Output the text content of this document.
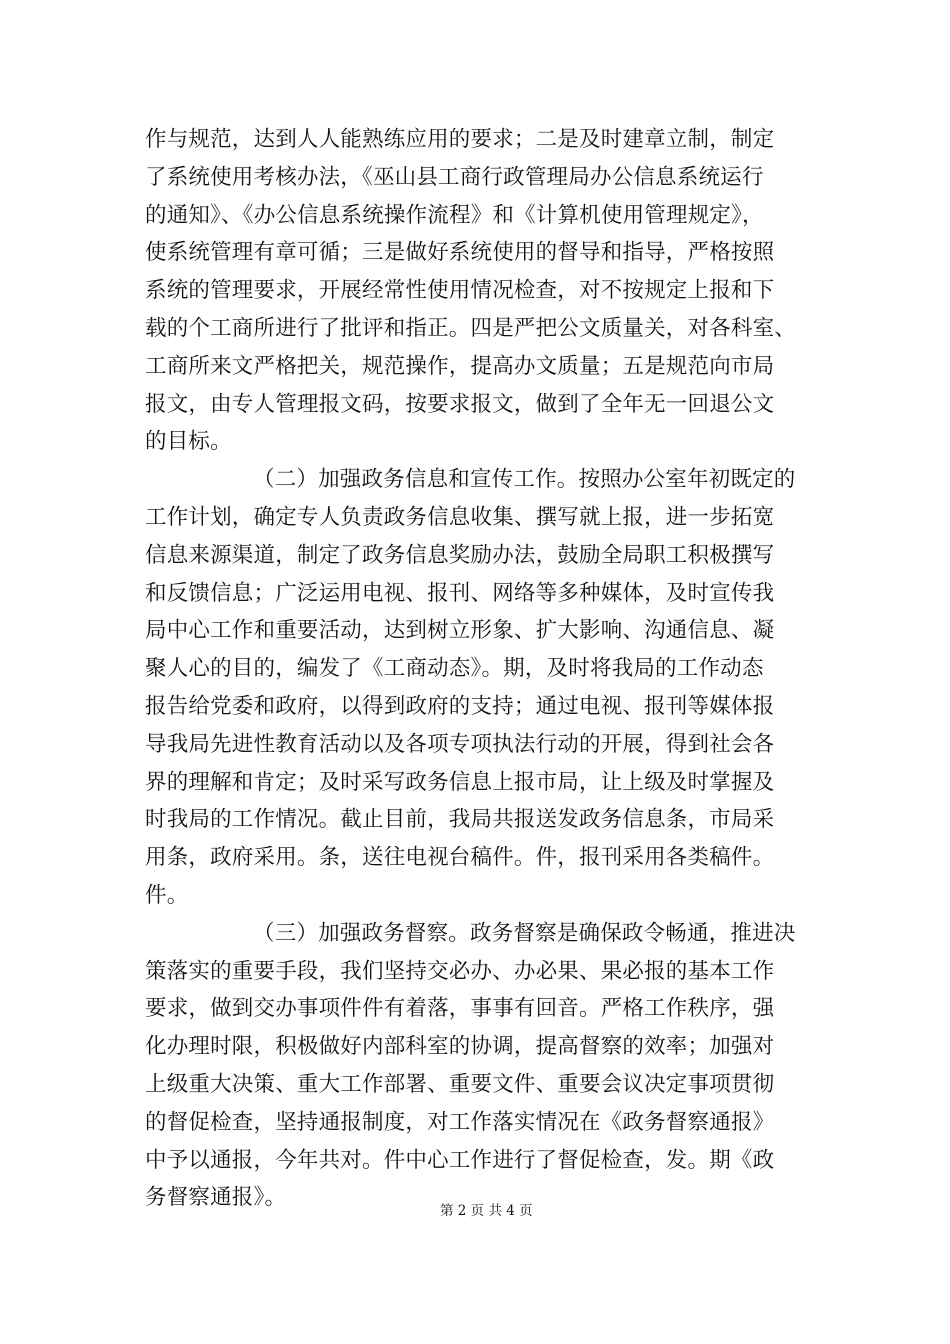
作与规范，达到人人能熟练应用的要求；二是及时建章立制，制定
了系统使用考核办法，《巫山县工商行政管理局办公信息系统运行
的通知》、《办公信息系统操作流程》和《计算机使用管理规定》，
使系统管理有章可循；三是做好系统使用的督导和指导，严格按照
系统的管理要求，开展经常性使用情况检查，对不按规定上报和下
载的个工商所进行了批评和指正。四是严把公文质量关，对各科室、
工商所来文严格把关，规范操作，提高办文质量；五是规范向市局
报文，由专人管理报文码，按要求报文，做到了全年无一回退公文
的目标。
（二）加强政务信息和宣传工作。按照办公室年初既定的
工作计划，确定专人负责政务信息收集、撰写就上报，进一步拓宽
信息来源渠道，制定了政务信息奖励办法，鼓励全局职工积极撰写
和反馈信息；广泛运用电视、报刊、网络等多种媒体，及时宣传我
局中心工作和重要活动，达到树立形象、扩大影响、沟通信息、凝
聚人心的目的，编发了《工商动态》。期，及时将我局的工作动态
报告给党委和政府，以得到政府的支持；通过电视、报刊等媒体报
导我局先进性教育活动以及各项专项执法行动的开展，得到社会各
界的理解和肯定；及时采写政务信息上报市局，让上级及时掌握及
时我局的工作情况。截止目前，我局共报送发政务信息条，市局采
用条，政府采用。条，送往电视台稿件。件，报刊采用各类稿件。
件。
（三）加强政务督察。政务督察是确保政令畅通，推进决
策落实的重要手段，我们坚持交必办、办必果、果必报的基本工作
要求，做到交办事项件件有着落，事事有回音。严格工作秩序，强
化办理时限，积极做好内部科室的协调，提高督察的效率；加强对
上级重大决策、重大工作部署、重要文件、重要会议决定事项贯彻
的督促检查，坚持通报制度，对工作落实情况在《政务督察通报》
中予以通报，今年共对。件中心工作进行了督促检查，发。期《政
务督察通报》。
第 2 页 共 4 页
